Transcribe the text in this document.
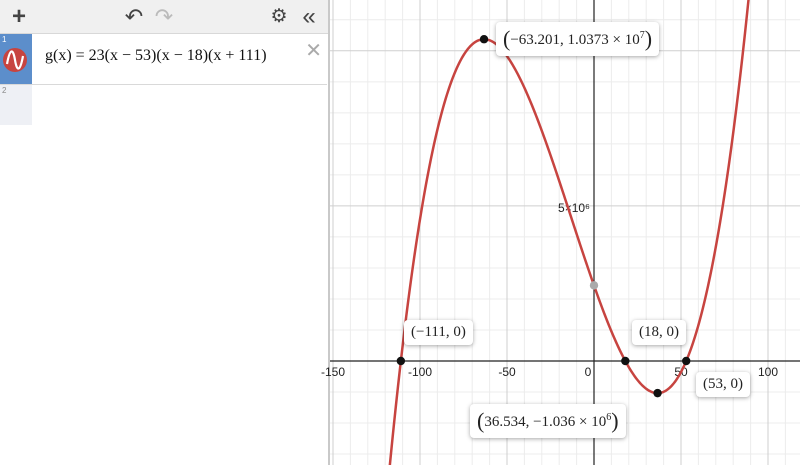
+	↶ ↷	⚙ «
1
g(x) = 23(x − 53)(x − 18)(x + 111) ✕
2
-150	-100	-50	0	50	100
5×10⁶
(−63.201, $1.0373 \times 10^7$)
(−111, 0)	(18, 0)
(53, 0)
(36.534, $-1.036 \times 10^6$)
